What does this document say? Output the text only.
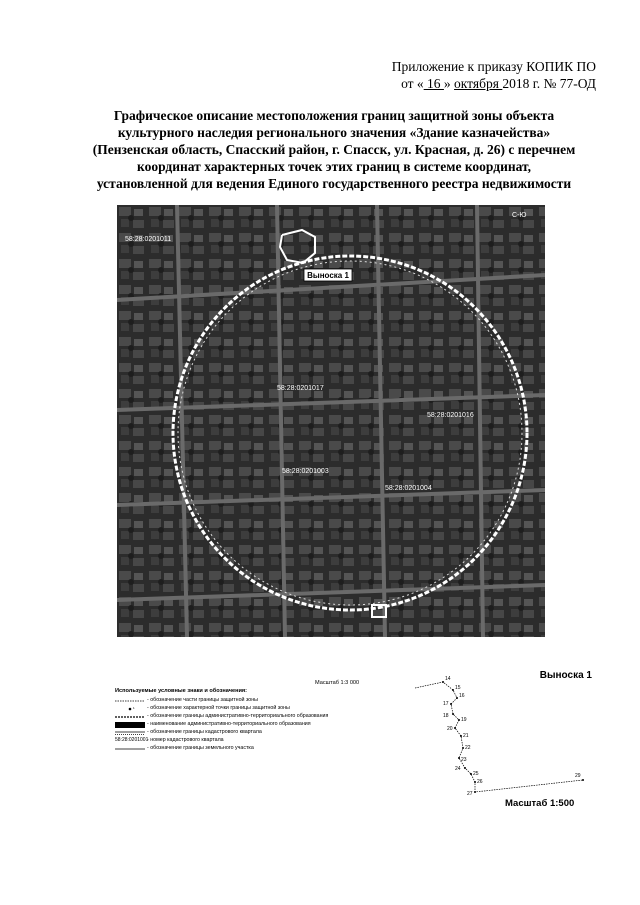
Приложение к приказу КОПИК ПО
от « 16 » октября 2018 г. № 77-ОД
Графическое описание местоположения границ защитной зоны объекта
культурного наследия регионального значения «Здание казначейства»
(Пензенская область, Спасский район, г. Спасск, ул. Красная, д. 26) с перечнем
координат характерных точек этих границ в системе координат,
установленной для ведения Единого государственного реестра недвижимости
Выноска 1
С-Ю
58:28:0201011
58:28:0201017
58:28:0201016
58:28:0201003
58:28:0201004
Масштаб 1:3 000
Используемые условные знаки и обозначения:
- обозначение части границы защитной зоны
1 - обозначение характерной точки границы защитной зоны
- обозначение границы административно-территориального образования
- наименование административно-территориального образования
- обозначение границы кадастрового квартала
58:28:0201001
- номер кадастрового квартала
- обозначение границы земельного участка
Выноска 1
14
15
16
17
18
19
20
21
22
23
24
25
26
27
29
Масштаб 1:500
